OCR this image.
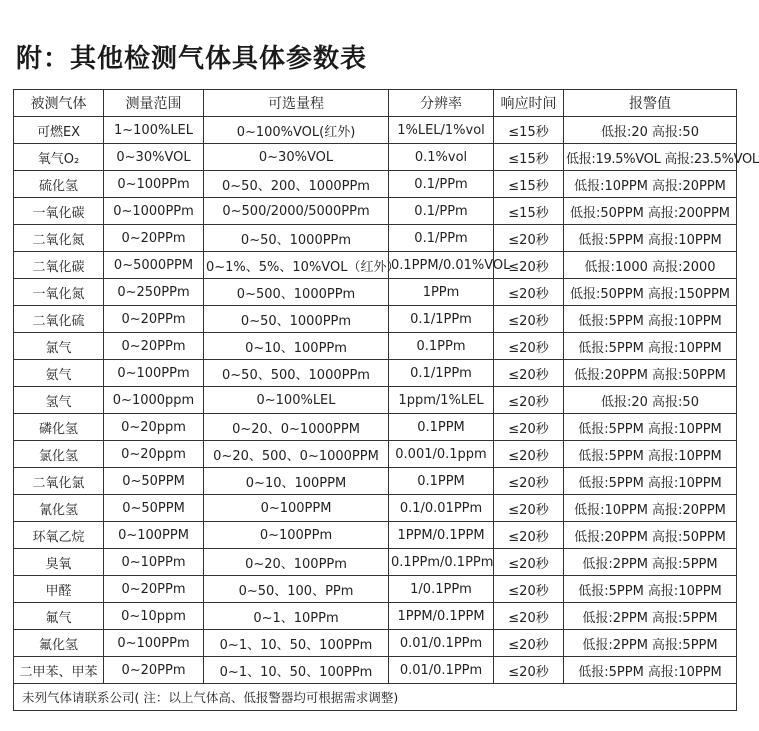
附：其他检测气体具体参数表
被测气体	测量范围	可选量程	分辨率	响应时间	报警值
可燃EX	1~100%LEL	0~100%VOL(红外)	1%LEL/1%vol	≤15秒	低报:20 高报:50
氧气O₂	0~30%VOL	0~30%VOL	0.1%vol	≤15秒	低报:19.5%VOL 高报:23.5%VOL
硫化氢	0~100PPm	0~50、200、1000PPm	0.1/PPm	≤15秒	低报:10PPM 高报:20PPM
一氧化碳	0~1000PPm	0~500/2000/5000PPm	0.1/PPm	≤15秒	低报:50PPM 高报:200PPM
二氧化氮	0~20PPm	0~50、1000PPm	0.1/PPm	≤20秒	低报:5PPM 高报:10PPM
二氧化碳	0~5000PPM	0~1%、5%、10%VOL（红外）	0.1PPM/0.01%VOL	≤20秒	低报:1000 高报:2000
一氧化氮	0~250PPm	0~500、1000PPm	1PPm	≤20秒	低报:50PPM 高报:150PPM
二氧化硫	0~20PPm	0~50、1000PPm	0.1/1PPm	≤20秒	低报:5PPM 高报:10PPM
氯气	0~20PPm	0~10、100PPm	0.1PPm	≤20秒	低报:5PPM 高报:10PPM
氨气	0~100PPm	0~50、500、1000PPm	0.1/1PPm	≤20秒	低报:20PPM 高报:50PPM
氢气	0~1000ppm	0~100%LEL	1ppm/1%LEL	≤20秒	低报:20 高报:50
磷化氢	0~20ppm	0~20、0~1000PPM	0.1PPM	≤20秒	低报:5PPM 高报:10PPM
氯化氢	0~20ppm	0~20、500、0~1000PPM	0.001/0.1ppm	≤20秒	低报:5PPM 高报:10PPM
二氧化氯	0~50PPM	0~10、100PPM	0.1PPM	≤20秒	低报:5PPM 高报:10PPM
氰化氢	0~50PPM	0~100PPM	0.1/0.01PPm	≤20秒	低报:10PPM 高报:20PPM
环氧乙烷	0~100PPM	0~100PPm	1PPM/0.1PPM	≤20秒	低报:20PPM 高报:50PPM
臭氧	0~10PPm	0~20、100PPm	0.1PPm/0.1PPm	≤20秒	低报:2PPM 高报:5PPM
甲醛	0~20PPm	0~50、100、PPm	1/0.1PPm	≤20秒	低报:5PPM 高报:10PPM
氟气	0~10ppm	0~1、10PPm	1PPM/0.1PPM	≤20秒	低报:2PPM 高报:5PPM
氟化氢	0~100PPm	0~1、10、50、100PPm	0.01/0.1PPm	≤20秒	低报:2PPM 高报:5PPM
二甲苯、甲苯	0~20PPm	0~1、10、50、100PPm	0.01/0.1PPm	≤20秒	低报:5PPM 高报:10PPM
未列气体请联系公司( 注：以上气体高、低报警器均可根据需求调整)					
